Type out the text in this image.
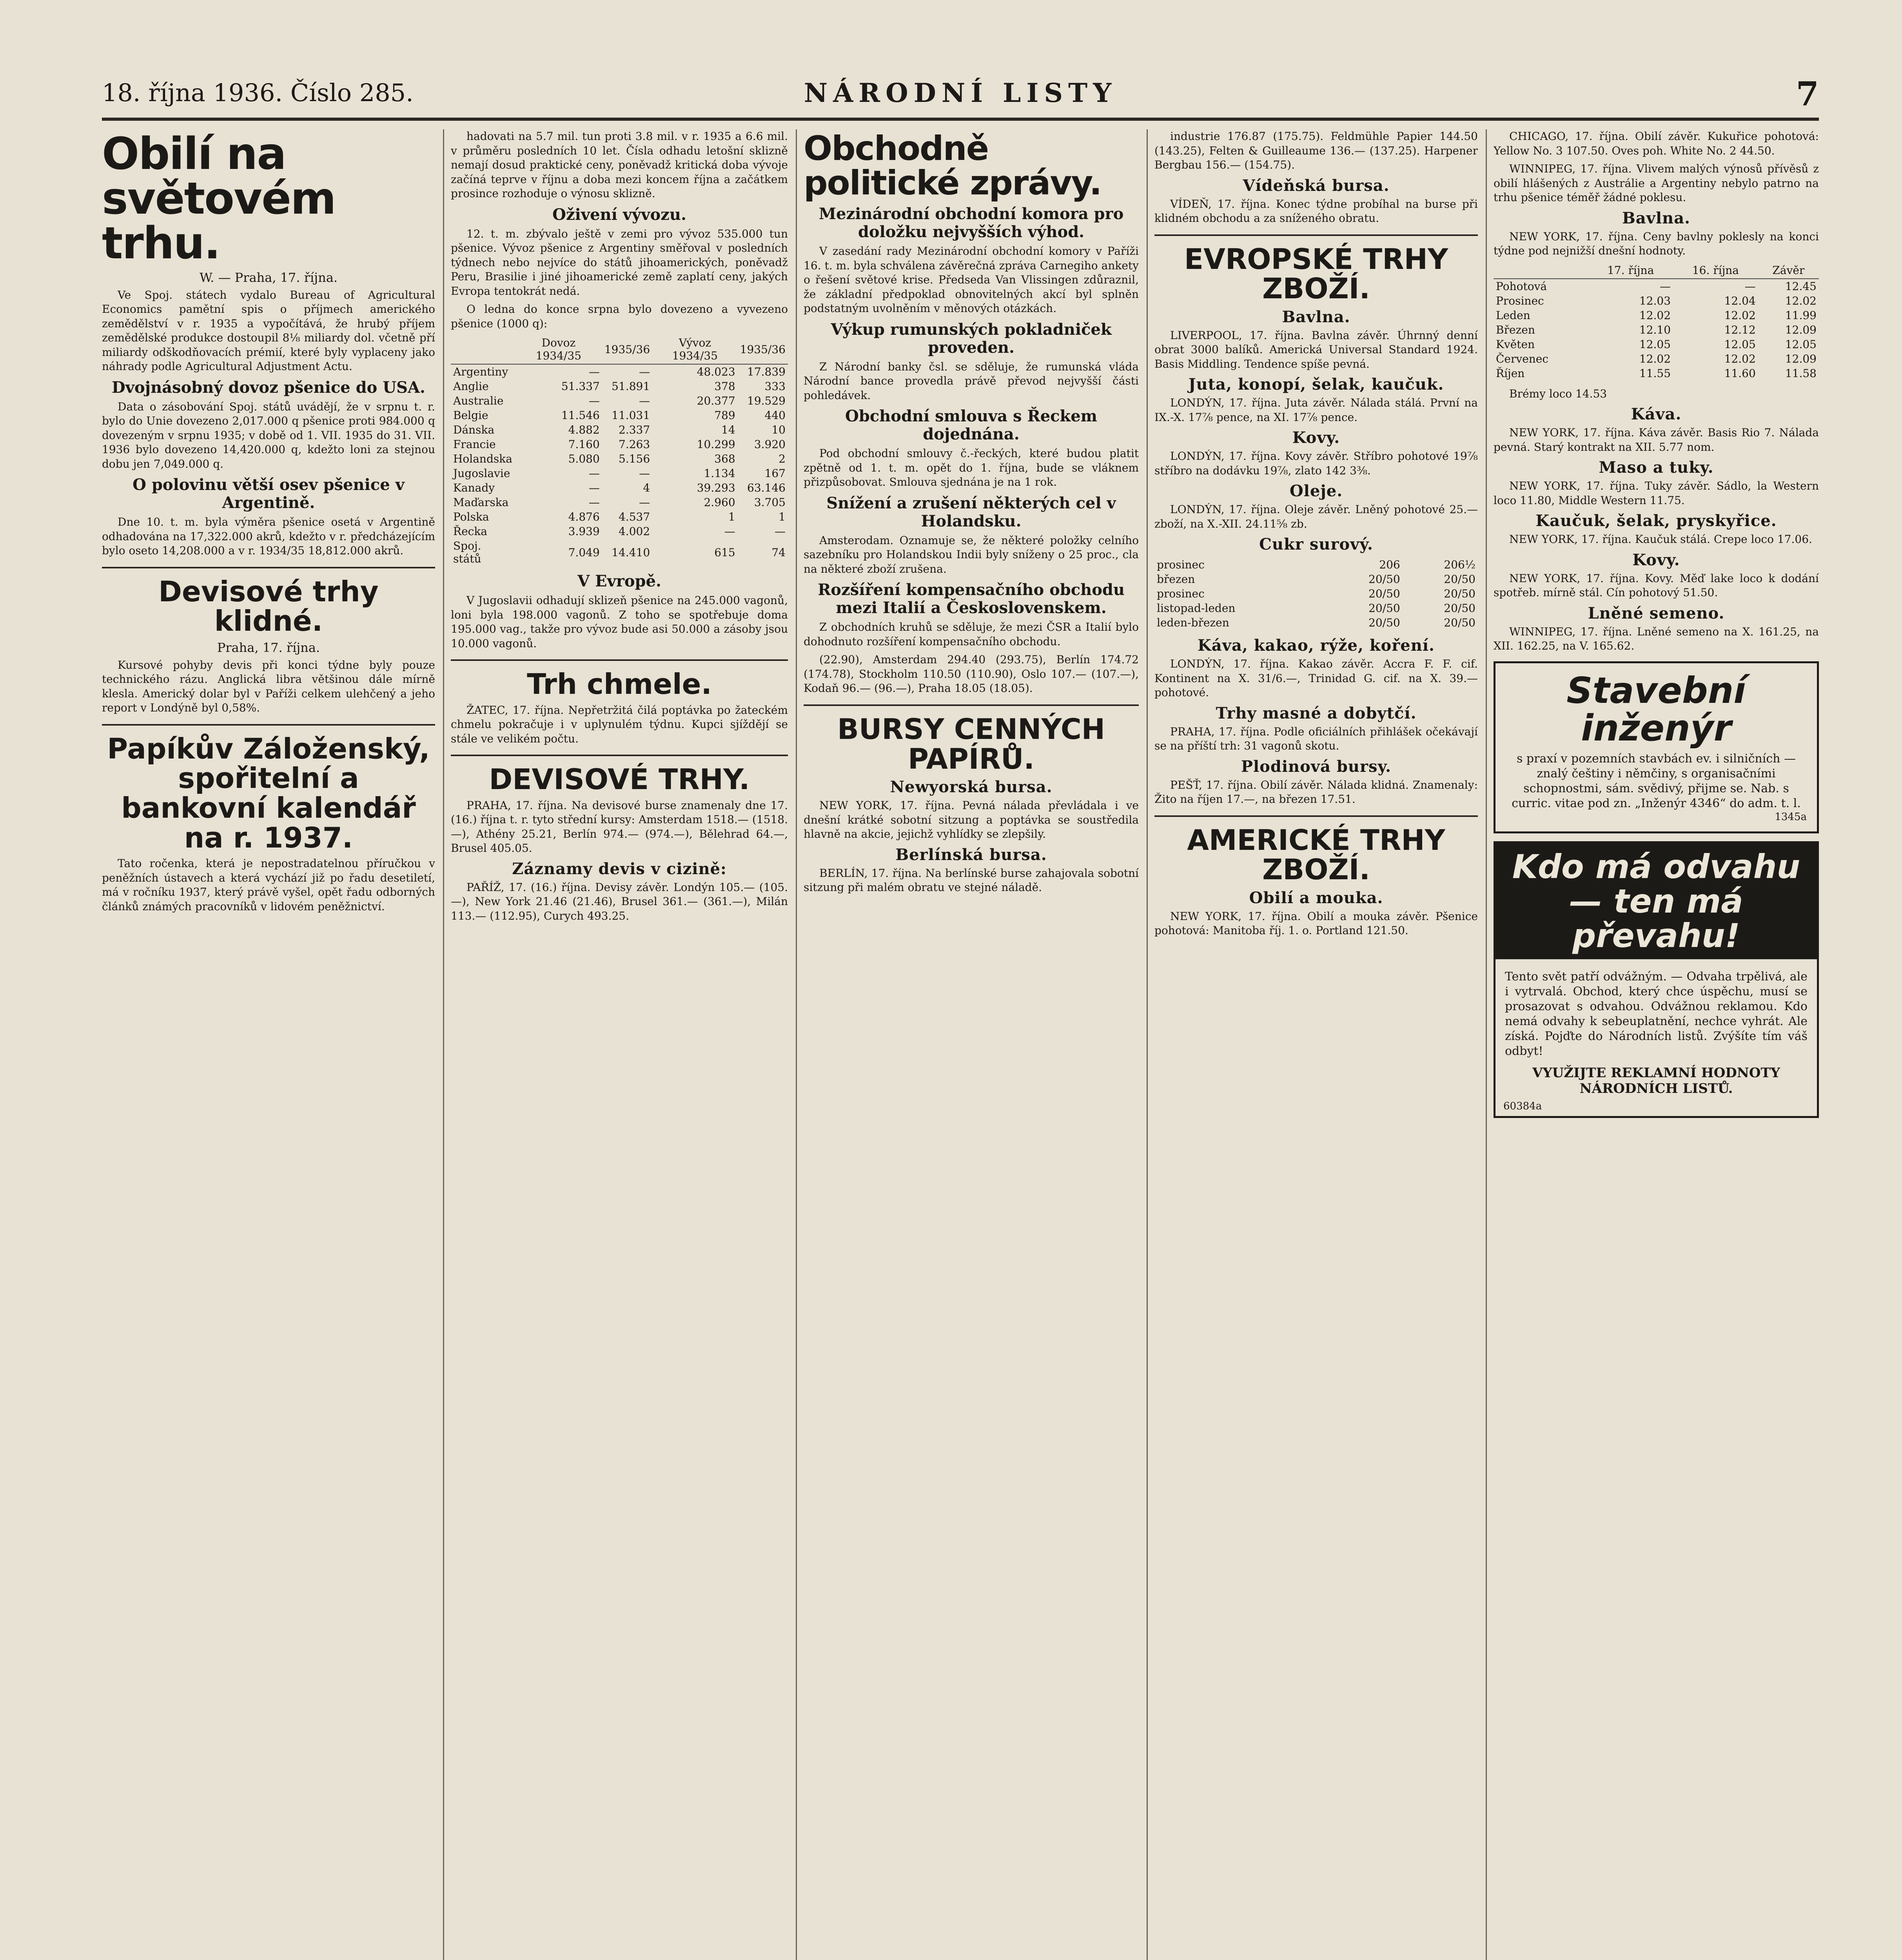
18. října 1936. Číslo 285.	NÁRODNÍ LISTY	7
Obilí na světovém trhu.
W. — Praha, 17. října.

Ve Spoj. státech vydalo Bureau of Agricultural Economics pamětní spis o příjmech amerického zemědělství v r. 1935 a vypočítává, že hrubý příjem zemědělské produkce dostoupil 8⅛ miliardy dol. včetně pří miliardy odškodňovacích prémií, které byly vyplaceny jako náhrady podle Agricultural Adjustment Actu.

Dvojnásobný dovoz pšenice do USA.

Data o zásobování Spoj. států uvádějí, že v srpnu t. r. bylo do Unie dovezeno 2,017.000 q pšenice proti 984.000 q dovezeným v srpnu 1935; v době od 1. VII. 1935 do 31. VII. 1936 bylo dovezeno 14,420.000 q, kdežto loni za stejnou dobu jen 7,049.000 q.

O polovinu větší osev pšenice v Argentině.

Dne 10. t. m. byla výměra pšenice osetá v Argentině odhadována na 17,322.000 akrů, kdežto v r. předcházejícím bylo oseto 14,208.000 a v r. 1934/35 18,812.000 akrů.

Devisové trhy klidné.
Praha, 17. října.

Kursové pohyby devis při konci týdne byly pouze technického rázu. Anglická libra většinou dále mírně klesla. Americký dolar byl v Paříži celkem ulehčený a jeho report v Londýně byl 0,58%.

Papíkův Záloženský, spořitelní a bankovní kalendář na r. 1937.

Tato ročenka, která je nepostradatelnou příručkou v peněžních ústavech a která vychází již po řadu desetiletí, má v ročníku 1937, který právě vyšel, opět řadu odborných článků známých pracovníků v lidovém peněžnictví.

hadovati na 5.7 mil. tun proti 3.8 mil. v r. 1935 a 6.6 mil. v průměru posledních 10 let. Čísla odhadu letošní sklizně nemají dosud praktické ceny, poněvadž kritická doba vývoje začíná teprve v říjnu a doba mezi koncem října a začátkem prosince rozhoduje o výnosu sklizně.

Oživení vývozu.

12. t. m. zbývalo ještě v zemi pro vývoz 535.000 tun pšenice. Vývoz pšenice z Argentiny směřoval v posledních týdnech nebo nejvíce do států jihoamerických, poněvadž Peru, Brasilie i jiné jihoamerické země zaplatí ceny, jakých Evropa tentokrát nedá.

O ledna do konce srpna bylo dovezeno a vyvezeno pšenice (1000 q):

	Dovoz 1934/35	1935/36	Vývoz 1934/35	1935/36
Argentiny	—	—	48.023	17.839
Anglie	51.337	51.891	378	333
Australie	—	—	20.377	19.529
Belgie	11.546	11.031	789	440
Dánska	4.882	2.337	14	10
Francie	7.160	7.263	10.299	3.920
Holandska	5.080	5.156	368	2
Jugoslavie	—	—	1.134	167
Kanady	—	4	39.293	63.146
Maďarska	—	—	2.960	3.705
Polska	4.876	4.537	1	1
Řecka	3.939	4.002	—	—
Spoj. států	7.049	14.410	615	74
V Evropě.

V Jugoslavii odhadují sklizeň pšenice na 245.000 vagonů, loni byla 198.000 vagonů. Z toho se spotřebuje doma 195.000 vag., takže pro vývoz bude asi 50.000 a zásoby jsou 10.000 vagonů.

Trh chmele.

ŽATEC, 17. října. Nepřetržitá čilá poptávka po žateckém chmelu pokračuje i v uplynulém týdnu. Kupci sjíždějí se stále ve velikém počtu.

DEVISOVÉ TRHY.

PRAHA, 17. října. Na devisové burse znamenaly dne 17. (16.) října t. r. tyto střední kursy: Amsterdam 1518.— (1518.—), Athény 25.21, Berlín 974.— (974.—), Bělehrad 64.—, Brusel 405.05.

Záznamy devis v cizině:

PAŘÍŽ, 17. (16.) října. Devisy závěr. Londýn 105.— (105.—), New York 21.46 (21.46), Brusel 361.— (361.—), Milán 113.— (112.95), Curych 493.25.

Obchodně politické zprávy.
Mezinárodní obchodní komora pro doložku nejvyšších výhod.

V zasedání rady Mezinárodní obchodní komory v Paříži 16. t. m. byla schválena závěrečná zpráva Carnegiho ankety o řešení světové krise. Předseda Van Vlissingen zdůraznil, že základní předpoklad obnovitelných akcí byl splněn podstatným uvolněním v měnových otázkách.

Výkup rumunských pokladniček proveden.

Z Národní banky čsl. se sděluje, že rumunská vláda Národní bance provedla právě převod nejvyšší části pohledávek.

Obchodní smlouva s Řeckem dojednána.

Pod obchodní smlouvy č.-řeckých, které budou platit zpětně od 1. t. m. opět do 1. října, bude se vláknem přizpůsobovat. Smlouva sjednána je na 1 rok.

Snížení a zrušení některých cel v Holandsku.

Amsterodam. Oznamuje se, že některé položky celního sazebníku pro Holandskou Indii byly sníženy o 25 proc., cla na některé zboží zrušena.

Rozšíření kompensačního obchodu mezi Italií a Československem.

Z obchodních kruhů se sděluje, že mezi ČSR a Italií bylo dohodnuto rozšíření kompensačního obchodu.

(22.90), Amsterdam 294.40 (293.75), Berlín 174.72 (174.78), Stockholm 110.50 (110.90), Oslo 107.— (107.—), Kodaň 96.— (96.—), Praha 18.05 (18.05).

BURSY CENNÝCH PAPÍRŮ.
Newyorská bursa.

NEW YORK, 17. října. Pevná nálada převládala i ve dnešní krátké sobotní sitzung a poptávka se soustředila hlavně na akcie, jejichž vyhlídky se zlepšily.

Berlínská bursa.

BERLÍN, 17. října. Na berlínské burse zahajovala sobotní sitzung při malém obratu ve stejné náladě.

industrie 176.87 (175.75). Feldmühle Papier 144.50 (143.25), Felten & Guilleaume 136.— (137.25). Harpener Bergbau 156.— (154.75).

Vídeňská bursa.

VÍDEŇ, 17. října. Konec týdne probíhal na burse při klidném obchodu a za sníženého obratu.

EVROPSKÉ TRHY ZBOŽÍ.
Bavlna.

LIVERPOOL, 17. října. Bavlna závěr. Úhrnný denní obrat 3000 balíků. Americká Universal Standard 1924. Basis Middling. Tendence spíše pevná.

Juta, konopí, šelak, kaučuk.

LONDÝN, 17. října. Juta závěr. Nálada stálá. První na IX.-X. 17⅞ pence, na XI. 17⅞ pence.

Kovy.

LONDÝN, 17. října. Kovy závěr. Stříbro pohotové 19⅞ stříbro na dodávku 19⅞, zlato 142 3⅜.

Oleje.

LONDÝN, 17. října. Oleje závěr. Lněný pohotové 25.— zboží, na X.-XII. 24.11⅝ zb.

Cukr surový.
prosinec	206	206½
březen	20/50	20/50
prosinec	20/50	20/50
listopad-leden	20/50	20/50
leden-březen	20/50	20/50
Káva, kakao, rýže, koření.

LONDÝN, 17. října. Kakao závěr. Accra F. F. cif. Kontinent na X. 31/6.—, Trinidad G. cif. na X. 39.— pohotové.

Trhy masné a dobytčí.

PRAHA, 17. října. Podle oficiálních přihlášek očekávají se na příští trh: 31 vagonů skotu.

Plodinová bursy.

PEŠŤ, 17. října. Obilí závěr. Nálada klidná. Znamenaly: Žito na říjen 17.—, na březen 17.51.

AMERICKÉ TRHY ZBOŽÍ.
Obilí a mouka.

NEW YORK, 17. října. Obilí a mouka závěr. Pšenice pohotová: Manitoba říj. 1. o. Portland 121.50.

CHICAGO, 17. října. Obilí závěr. Kukuřice pohotová: Yellow No. 3 107.50. Oves poh. White No. 2 44.50.

WINNIPEG, 17. října. Vlivem malých výnosů přívěsů z obilí hlášených z Austrálie a Argentiny nebylo patrno na trhu pšenice téměř žádné poklesu.

Bavlna.

NEW YORK, 17. října. Ceny bavlny poklesly na konci týdne pod nejnižší dnešní hodnoty.

	17. října	16. října	Závěr
Pohotová	—	—	12.45
Prosinec	12.03	12.04	12.02
Leden	12.02	12.02	11.99
Březen	12.10	12.12	12.09
Květen	12.05	12.05	12.05
Červenec	12.02	12.02	12.09
Říjen	11.55	11.60	11.58

Brémy loco 14.53

Káva.

NEW YORK, 17. října. Káva závěr. Basis Rio 7. Nálada pevná. Starý kontrakt na XII. 5.77 nom.

Maso a tuky.

NEW YORK, 17. října. Tuky závěr. Sádlo, la Western loco 11.80, Middle Western 11.75.

Kaučuk, šelak, pryskyřice.

NEW YORK, 17. října. Kaučuk stálá. Crepe loco 17.06.

Kovy.

NEW YORK, 17. října. Kovy. Měď lake loco k dodání spotřeb. mírně stál. Cín pohotový 51.50.

Lněné semeno.

WINNIPEG, 17. října. Lněné semeno na X. 161.25, na XII. 162.25, na V. 165.62.

Stavební inženýr
s praxí v pozemních stavbách ev. i silničních — znalý češtiny i němčiny, s organisačními schopnostmi, sám. svědivý, přijme se. Nab. s curric. vitae pod zn. „Inženýr 4346“ do adm. t. l.
1345a
Kdo má odvahu — ten má převahu!
Tento svět patří odvážným. — Odvaha trpělivá, ale i vytrvalá. Obchod, který chce úspěchu, musí se prosazovat s odvahou. Odvážnou reklamou. Kdo nemá odvahy k sebeuplatnění, nechce vyhrát. Ale získá. Pojďte do Národních listů. Zvýšíte tím váš odbyt!
VYUŽIJTE REKLAMNÍ HODNOTY NÁRODNÍCH LISTŮ.
60384a
